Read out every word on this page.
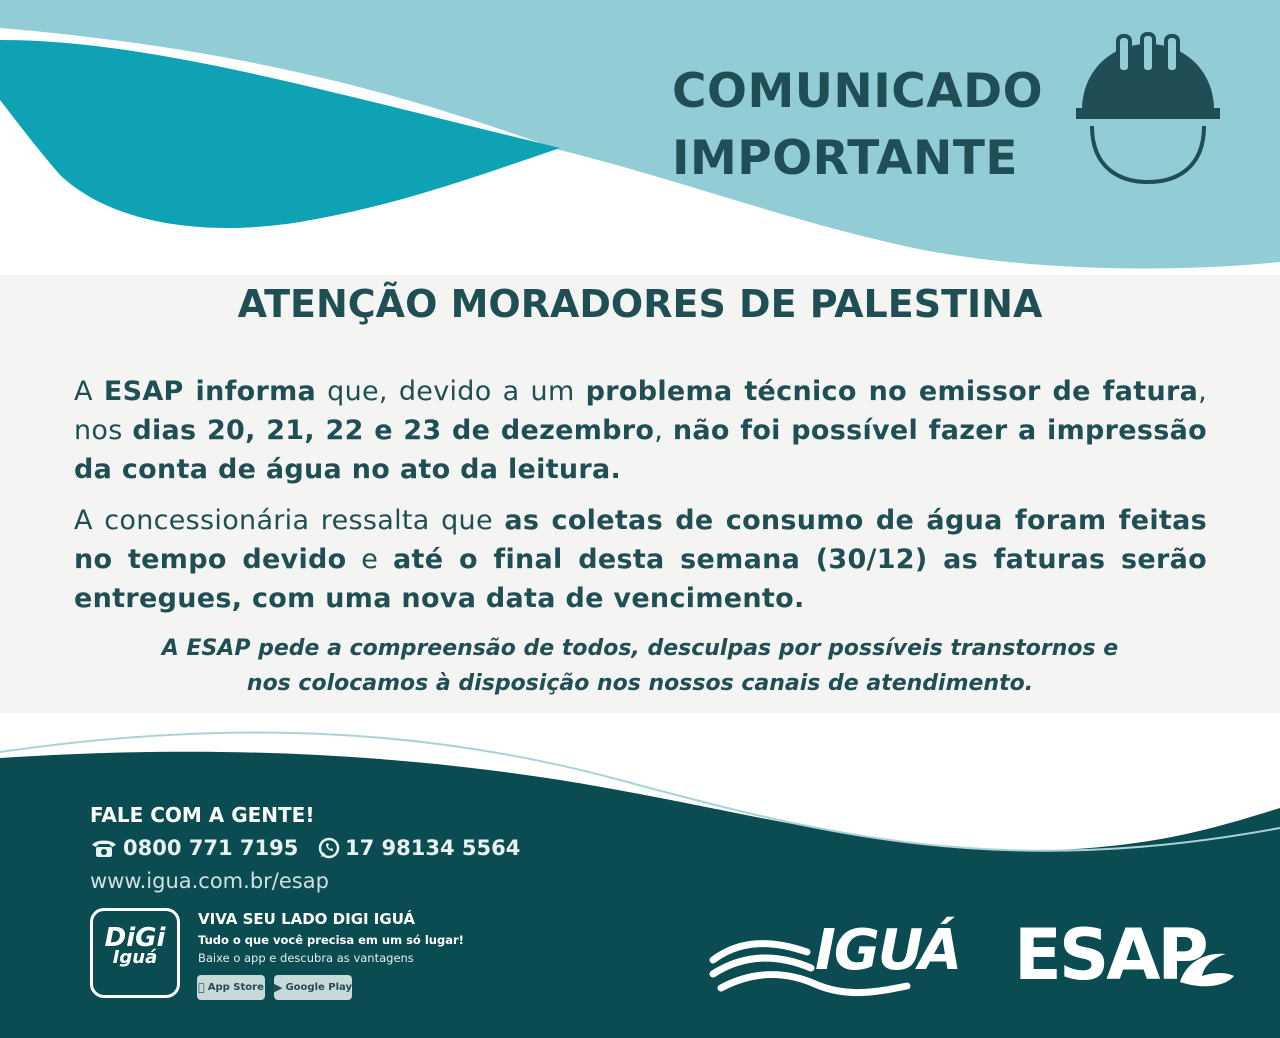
COMUNICADO
IMPORTANTE
ATENÇÃO MORADORES DE PALESTINA
A ESAP informa que, devido a um problema técnico no emissor de fatura, nos dias 20, 21, 22 e 23 de dezembro, não foi possível fazer a impressão da conta de água no ato da leitura.
A concessionária ressalta que as coletas de consumo de água foram feitas no tempo devido e até o final desta semana (30/12) as faturas serão entregues, com uma nova data de vencimento.
A ESAP pede a compreensão de todos, desculpas por possíveis transtornos e
nos colocamos à disposição nos nossos canais de atendimento.
FALE COM A GENTE!
0800 771 7195 17 98134 5564
www.igua.com.br/esap
DiGi
Iguá
VIVA SEU LADO DIGI IGUÁ
Tudo o que você precisa em um só lugar!
Baixe o app e descubra as vantagens
App Store ▶ Google Play
IGUÁ ESAP
